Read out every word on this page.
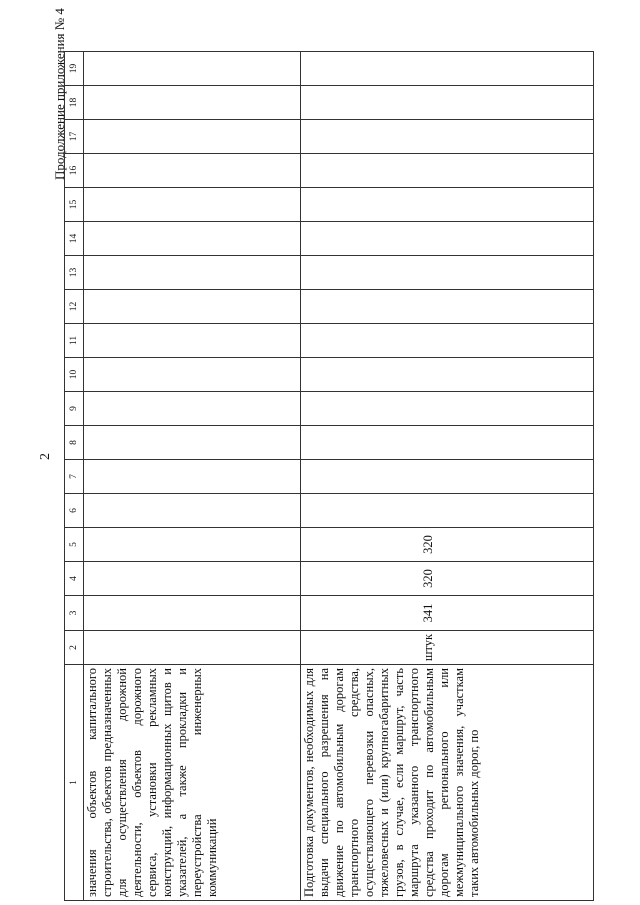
2
Продолжение приложения № 4
1	2	3	4	5	6	7	8	9	10	11	12	13	14	15	16	17	18	19

значения объектов капитального строительства, объектов предназначенных для осуществления дорожной деятельности, объектов дорожного сервиса, установки рекламных конструкций, информационных щитов и указателей, а также прокладки и переустройства инженерных коммуникаций																		

Подготовка документов, необходимых для выдачи специального разрешения на движение по автомобильным дорогам транспортного средства, осуществляющего перевозки опасных, тяжеловесных и (или) крупногабаритных грузов, в случае, если маршрут, часть маршрута указанного транспортного средства проходит по автомобильным дорогам регионального или межмуниципального значения, участкам таких автомобильных дорог, по	штук	341	320	320														
